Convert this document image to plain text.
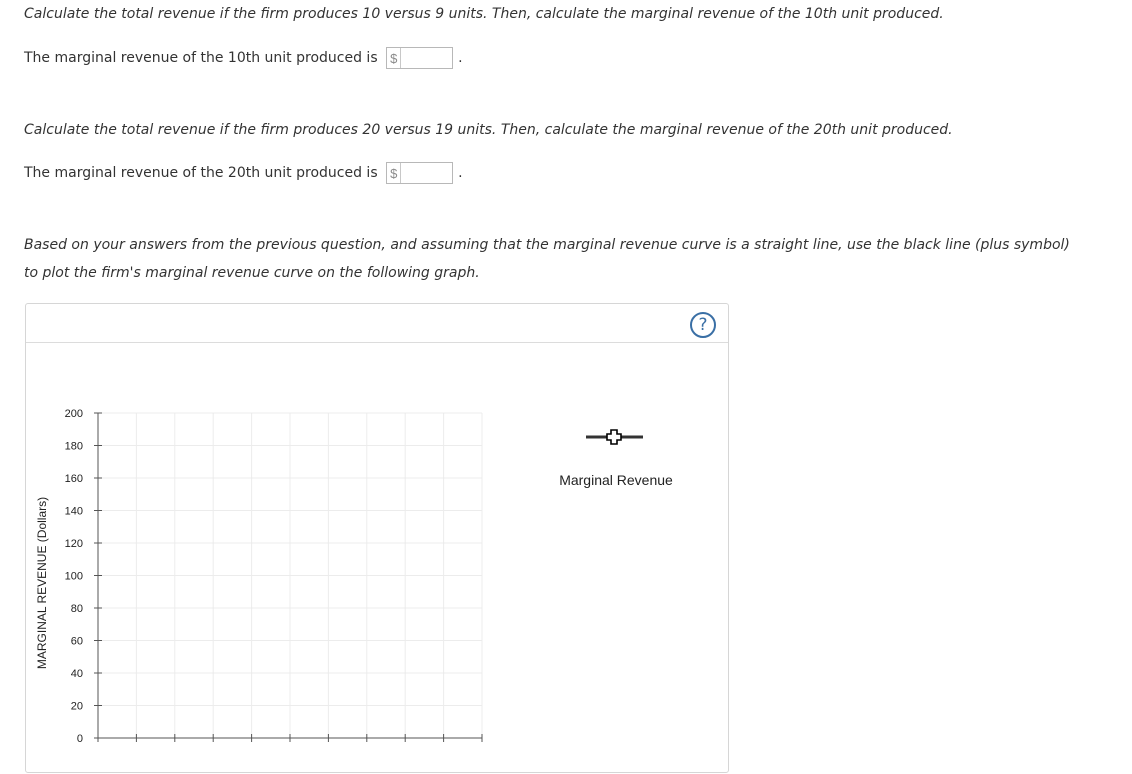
Calculate the total revenue if the firm produces 10 versus 9 units. Then, calculate the marginal revenue of the 10th unit produced.

The marginal revenue of the 10th unit produced is $	.

Calculate the total revenue if the firm produces 20 versus 19 units. Then, calculate the marginal revenue of the 20th unit produced.

The marginal revenue of the 20th unit produced is $	.

Based on your answers from the previous question, and assuming that the marginal revenue curve is a straight line, use the black line (plus symbol)

to plot the firm's marginal revenue curve on the following graph.

?
0
20
40
60
80
100
120
140
160
180
200
MARGINAL REVENUE (Dollars)
Marginal Revenue
